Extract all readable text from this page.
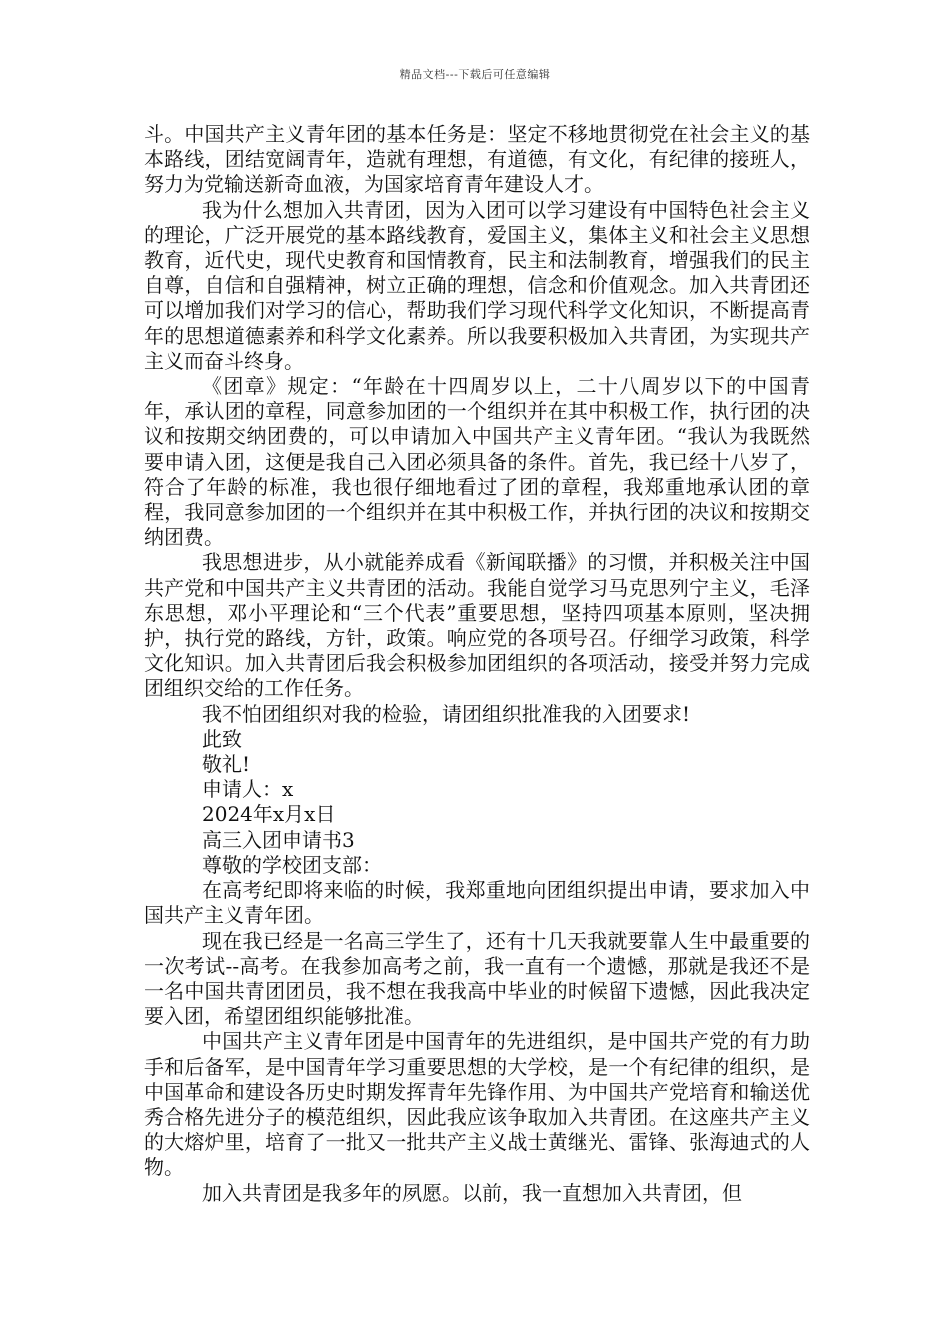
精品文档---下载后可任意编辑

斗。中国共产主义青年团的基本任务是：坚定不移地贯彻党在社会主义的基本路线，团结宽阔青年，造就有理想，有道德，有文化，有纪律的接班人，努力为党输送新奇血液，为国家培育青年建设人才。

我为什么想加入共青团，因为入团可以学习建设有中国特色社会主义的理论，广泛开展党的基本路线教育，爱国主义，集体主义和社会主义思想教育，近代史，现代史教育和国情教育，民主和法制教育，增强我们的民主自尊，自信和自强精神，树立正确的理想，信念和价值观念。加入共青团还可以增加我们对学习的信心，帮助我们学习现代科学文化知识，不断提高青年的思想道德素养和科学文化素养。所以我要积极加入共青团，为实现共产主义而奋斗终身。

《团章》规定：“年龄在十四周岁以上，二十八周岁以下的中国青年，承认团的章程，同意参加团的一个组织并在其中积极工作，执行团的决议和按期交纳团费的，可以申请加入中国共产主义青年团。“我认为我既然要申请入团，这便是我自己入团必须具备的条件。首先，我已经十八岁了，符合了年龄的标准，我也很仔细地看过了团的章程，我郑重地承认团的章程，我同意参加团的一个组织并在其中积极工作，并执行团的决议和按期交纳团费。

我思想进步，从小就能养成看《新闻联播》的习惯，并积极关注中国共产党和中国共产主义共青团的活动。我能自觉学习马克思列宁主义，毛泽东思想，邓小平理论和“三个代表”重要思想，坚持四项基本原则，坚决拥护，执行党的路线，方针，政策。响应党的各项号召。仔细学习政策，科学文化知识。加入共青团后我会积极参加团组织的各项活动，接受并努力完成团组织交给的工作任务。

我不怕团组织对我的检验，请团组织批准我的入团要求!

此致

敬礼!

申请人：x

2024年x月x日

高三入团申请书3

尊敬的学校团支部：

在高考纪即将来临的时候，我郑重地向团组织提出申请，要求加入中国共产主义青年团。

现在我已经是一名高三学生了，还有十几天我就要靠人生中最重要的一次考试--高考。在我参加高考之前，我一直有一个遗憾，那就是我还不是一名中国共青团团员，我不想在我我高中毕业的时候留下遗憾，因此我决定要入团，希望团组织能够批准。

中国共产主义青年团是中国青年的先进组织，是中国共产党的有力助手和后备军，是中国青年学习重要思想的大学校，是一个有纪律的组织，是中国革命和建设各历史时期发挥青年先锋作用、为中国共产党培育和输送优秀合格先进分子的模范组织，因此我应该争取加入共青团。在这座共产主义的大熔炉里，培育了一批又一批共产主义战士黄继光、雷锋、张海迪式的人物。

加入共青团是我多年的夙愿。以前，我一直想加入共青团，但
